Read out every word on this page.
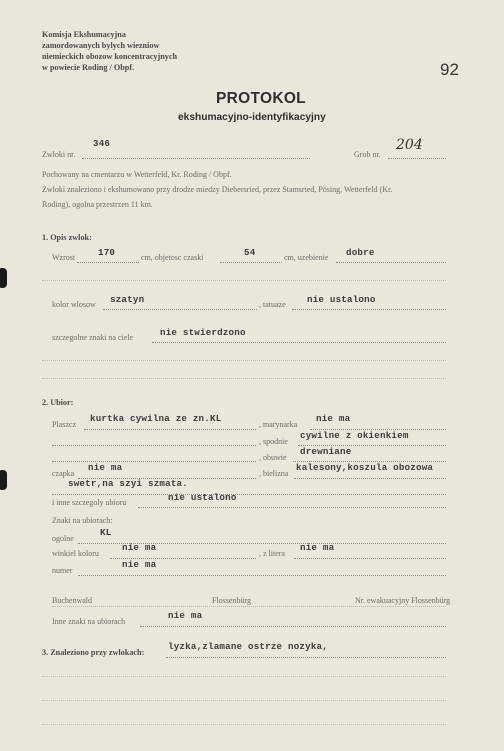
Komisja Ekshumacyjna
zamordowanych bylych wiezniow
niemieckich obozow koncentracyjnych
w powiecie Roding / Obpf.	92
PROTOKOL
ekshumacyjno-identyfikacyjny
Zwloki nr.
346
Grob nr.
204
Pochowany na cmentarzu w Wetterfeld, Kr. Roding / Obpf.
Zwloki znaleziono i ekshumowano przy drodze miedzy Diebersried, przez Stamsried, Pösing, Wetterfeld (Kr.
Roding), ogolna przestrzen 11 km.
1. Opis zwlok:
Wzrost 170	cm, objetosc czaski	54	cm, uzebienie dobre
kolor wlosow szatyn	, tatuaze nie ustalono
szczegolne znaki na ciele	nie stwierdzono
2. Ubior:
Plaszcz
kurtka cywilna ze zn.KL
, marynarka
nie ma
, spodnie
cywilne z okienkiem
, obuwie
drewniane
czapka
nie ma
, bielizna
kalesony,koszula obozowa
swetr,na szyi szmata.
i inne szczegoly ubioru	nie ustalono
Znaki na ubiorach:
ogolne
KL
winkiel koloru
nie ma
, z litera
nie ma
numer
nie ma
Buchenwald	Flossenbürg	Nr. ewakuacyjny Flossenbürg
Inne znaki na ubiorach
nie ma
3. Znaleziono przy zwlokach:
lyzka,zlamane ostrze nozyka,
